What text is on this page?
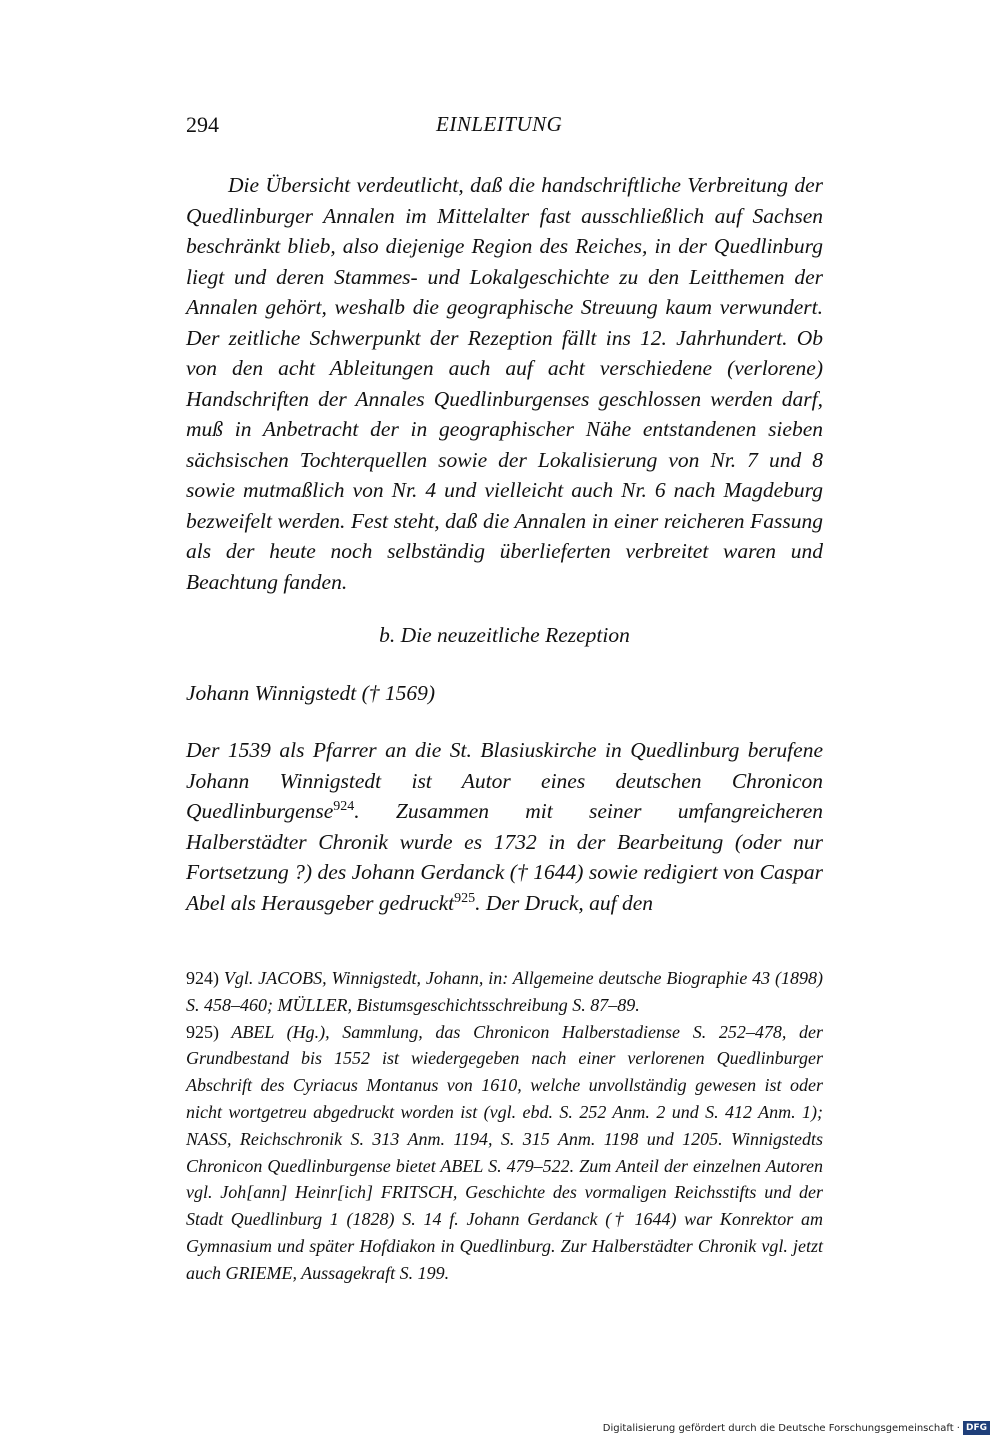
294	EINLEITUNG
Die Übersicht verdeutlicht, daß die handschriftliche Verbreitung der Quedlinburger Annalen im Mittelalter fast ausschließlich auf Sachsen beschränkt blieb, also diejenige Region des Reiches, in der Quedlinburg liegt und deren Stammes- und Lokalgeschichte zu den Leitthemen der Annalen gehört, weshalb die geographische Streuung kaum verwundert. Der zeitliche Schwerpunkt der Rezeption fällt ins 12. Jahrhundert. Ob von den acht Ableitungen auch auf acht verschiedene (verlorene) Handschriften der Annales Quedlinburgenses geschlossen werden darf, muß in Anbetracht der in geographischer Nähe entstandenen sieben sächsischen Tochterquellen sowie der Lokalisierung von Nr. 7 und 8 sowie mutmaßlich von Nr. 4 und vielleicht auch Nr. 6 nach Magdeburg bezweifelt werden. Fest steht, daß die Annalen in einer reicheren Fassung als der heute noch selbständig überlieferten verbreitet waren und Beachtung fanden.
b. Die neuzeitliche Rezeption
Johann Winnigstedt († 1569)
Der 1539 als Pfarrer an die St. Blasiuskirche in Quedlinburg berufene Johann Winnigstedt ist Autor eines deutschen Chronicon Quedlinburgense$^{924}$. Zusammen mit seiner umfangreicheren Halberstädter Chronik wurde es 1732 in der Bearbeitung (oder nur Fortsetzung ?) des Johann Gerdanck († 1644) sowie redigiert von Caspar Abel als Herausgeber gedruckt$^{925}$. Der Druck, auf den

924) Vgl. JACOBS, Winnigstedt, Johann, in: Allgemeine deutsche Biographie 43 (1898) S. 458–460; MÜLLER, Bistumsgeschichtsschreibung S. 87–89.

925) ABEL (Hg.), Sammlung, das Chronicon Halberstadiense S. 252–478, der Grundbestand bis 1552 ist wiedergegeben nach einer verlorenen Quedlinburger Abschrift des Cyriacus Montanus von 1610, welche unvollständig gewesen ist oder nicht wortgetreu abgedruckt worden ist (vgl. ebd. S. 252 Anm. 2 und S. 412 Anm. 1); NASS, Reichschronik S. 313 Anm. 1194, S. 315 Anm. 1198 und 1205. Winnigstedts Chronicon Quedlinburgense bietet ABEL S. 479–522. Zum Anteil der einzelnen Autoren vgl. Joh[ann] Heinr[ich] FRITSCH, Geschichte des vormaligen Reichsstifts und der Stadt Quedlinburg 1 (1828) S. 14 f. Johann Gerdanck († 1644) war Konrektor am Gymnasium und später Hofdiakon in Quedlinburg. Zur Halberstädter Chronik vgl. jetzt auch GRIEME, Aussagekraft S. 199.

Digitalisierung gefördert durch die Deutsche Forschungsgemeinschaft · DFG
